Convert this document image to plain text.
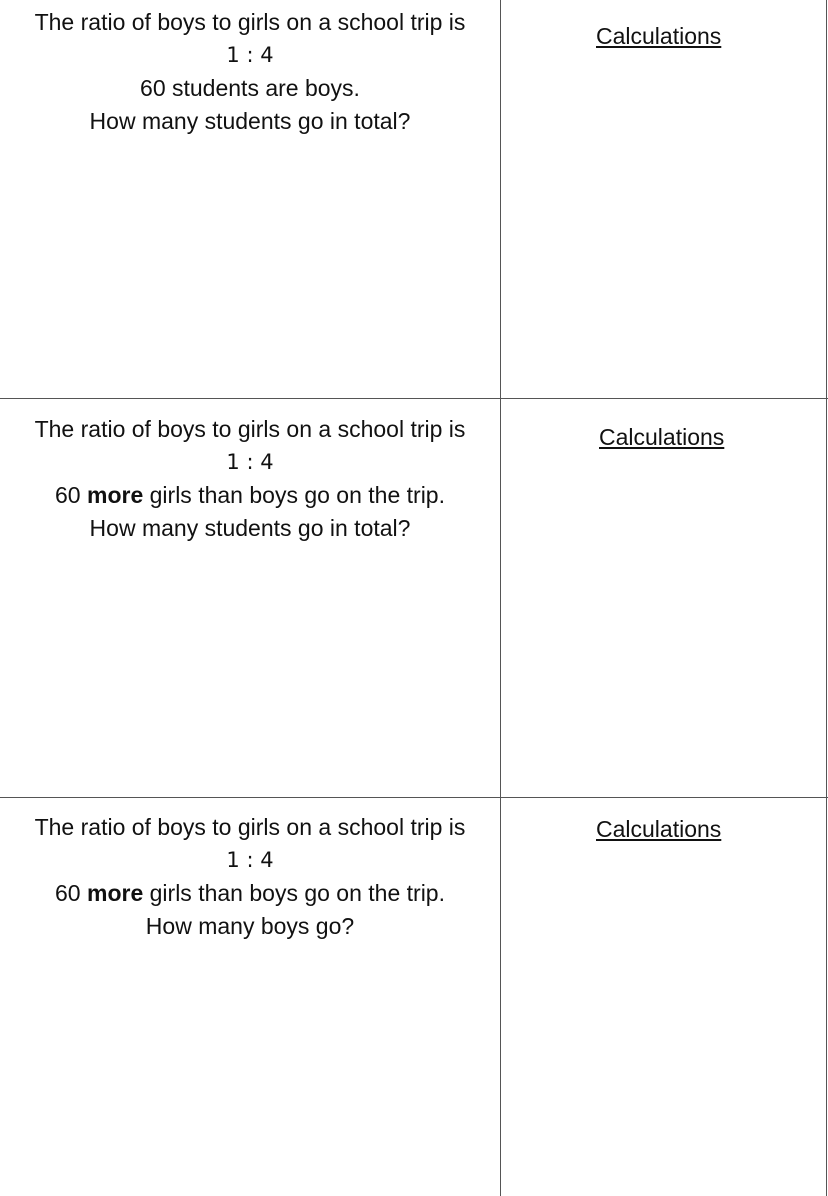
The ratio of boys to girls on a school trip is
1 : 4
60 students are boys.
How many students go in total?
Calculations
Calculations
The ratio of boys to girls on a school trip is
1 : 4
60 more girls than boys go on the trip.
How many students go in total?
Calculations
The ratio of boys to girls on a school trip is
1 : 4
60 more girls than boys go on the trip.
How many boys go?
